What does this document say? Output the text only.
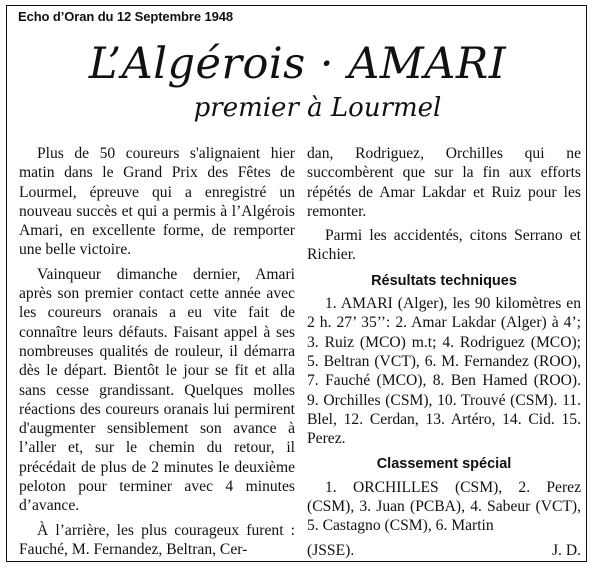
Echo d’Oran du 12 Septembre 1948
L’Algérois · AMARI
premier à Lourmel

Plus de 50 coureurs s'alignaient hier matin dans le Grand Prix des Fêtes de Lourmel, épreuve qui a enregistré un nouveau succès et qui a permis à l’Algérois Amari, en excellente forme, de remporter une belle victoire.

Vainqueur dimanche dernier, Amari après son premier contact cette année avec les coureurs oranais a eu vite fait de connaître leurs défauts. Faisant appel à ses nombreuses qualités de rouleur, il démarra dès le départ. Bientôt le jour se fit et alla sans cesse grandissant. Quelques molles réactions des coureurs oranais lui permirent d'augmenter sensiblement son avance à l’aller et, sur le chemin du retour, il précédait de plus de 2 minutes le deuxième peloton pour terminer avec 4 minutes d’avance.

À l’arrière, les plus courageux furent : Fauché, M. Fernandez, Beltran, Cer-

dan, Rodriguez, Orchilles qui ne succombèrent que sur la fin aux efforts répétés de Amar Lakdar et Ruiz pour les remonter.

Parmi les accidentés, citons Serrano et Richier.

Résultats techniques

1. AMARI (Alger), les 90 kilomètres en 2 h. 27’ 35’’: 2. Amar Lakdar (Alger) à 4’; 3. Ruiz (MCO) m.t; 4. Rodriguez (MCO); 5. Beltran (VCT), 6. M. Fernandez (ROO), 7. Fauché (MCO), 8. Ben Hamed (ROO). 9. Orchilles (CSM), 10. Trouvé (CSM). 11. Blel, 12. Cerdan, 13. Artéro, 14. Cid. 15. Perez.

Classement spécial

1. ORCHILLES (CSM), 2. Perez (CSM), 3. Juan (PCBA), 4. Sabeur (VCT), 5. Castagno (CSM), 6. Martin

(JSSE).	J. D.
